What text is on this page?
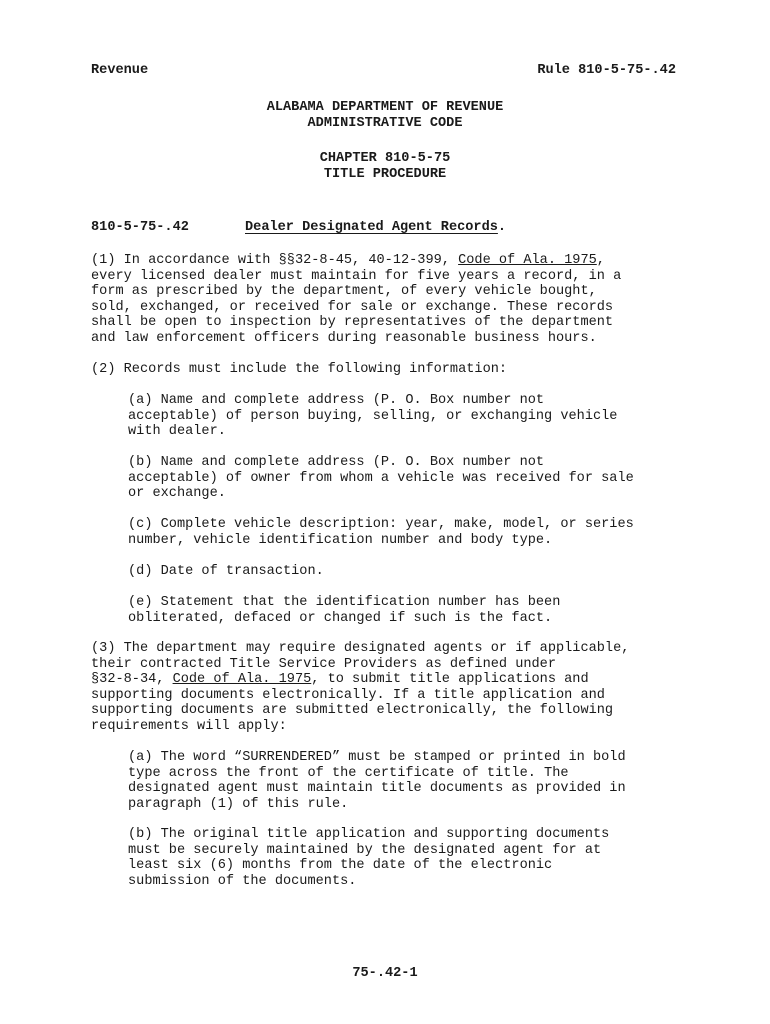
Revenue	Rule 810-5-75-.42
ALABAMA DEPARTMENT OF REVENUE
ADMINISTRATIVE CODE
CHAPTER 810-5-75
TITLE PROCEDURE
810-5-75-.42	Dealer Designated Agent Records.
(1) In accordance with §§32-8-45, 40-12-399, Code of Ala. 1975,
every licensed dealer must maintain for five years a record, in a
form as prescribed by the department, of every vehicle bought,
sold, exchanged, or received for sale or exchange. These records
shall be open to inspection by representatives of the department
and law enforcement officers during reasonable business hours.
(2) Records must include the following information:
(a) Name and complete address (P. O. Box number not
acceptable) of person buying, selling, or exchanging vehicle
with dealer.
(b) Name and complete address (P. O. Box number not
acceptable) of owner from whom a vehicle was received for sale
or exchange.
(c) Complete vehicle description: year, make, model, or series
number, vehicle identification number and body type.
(d) Date of transaction.
(e) Statement that the identification number has been
obliterated, defaced or changed if such is the fact.
(3) The department may require designated agents or if applicable,
their contracted Title Service Providers as defined under
§32-8-34, Code of Ala. 1975, to submit title applications and
supporting documents electronically. If a title application and
supporting documents are submitted electronically, the following
requirements will apply:
(a) The word “SURRENDERED” must be stamped or printed in bold
type across the front of the certificate of title. The
designated agent must maintain title documents as provided in
paragraph (1) of this rule.
(b) The original title application and supporting documents
must be securely maintained by the designated agent for at
least six (6) months from the date of the electronic
submission of the documents.
75-.42-1
